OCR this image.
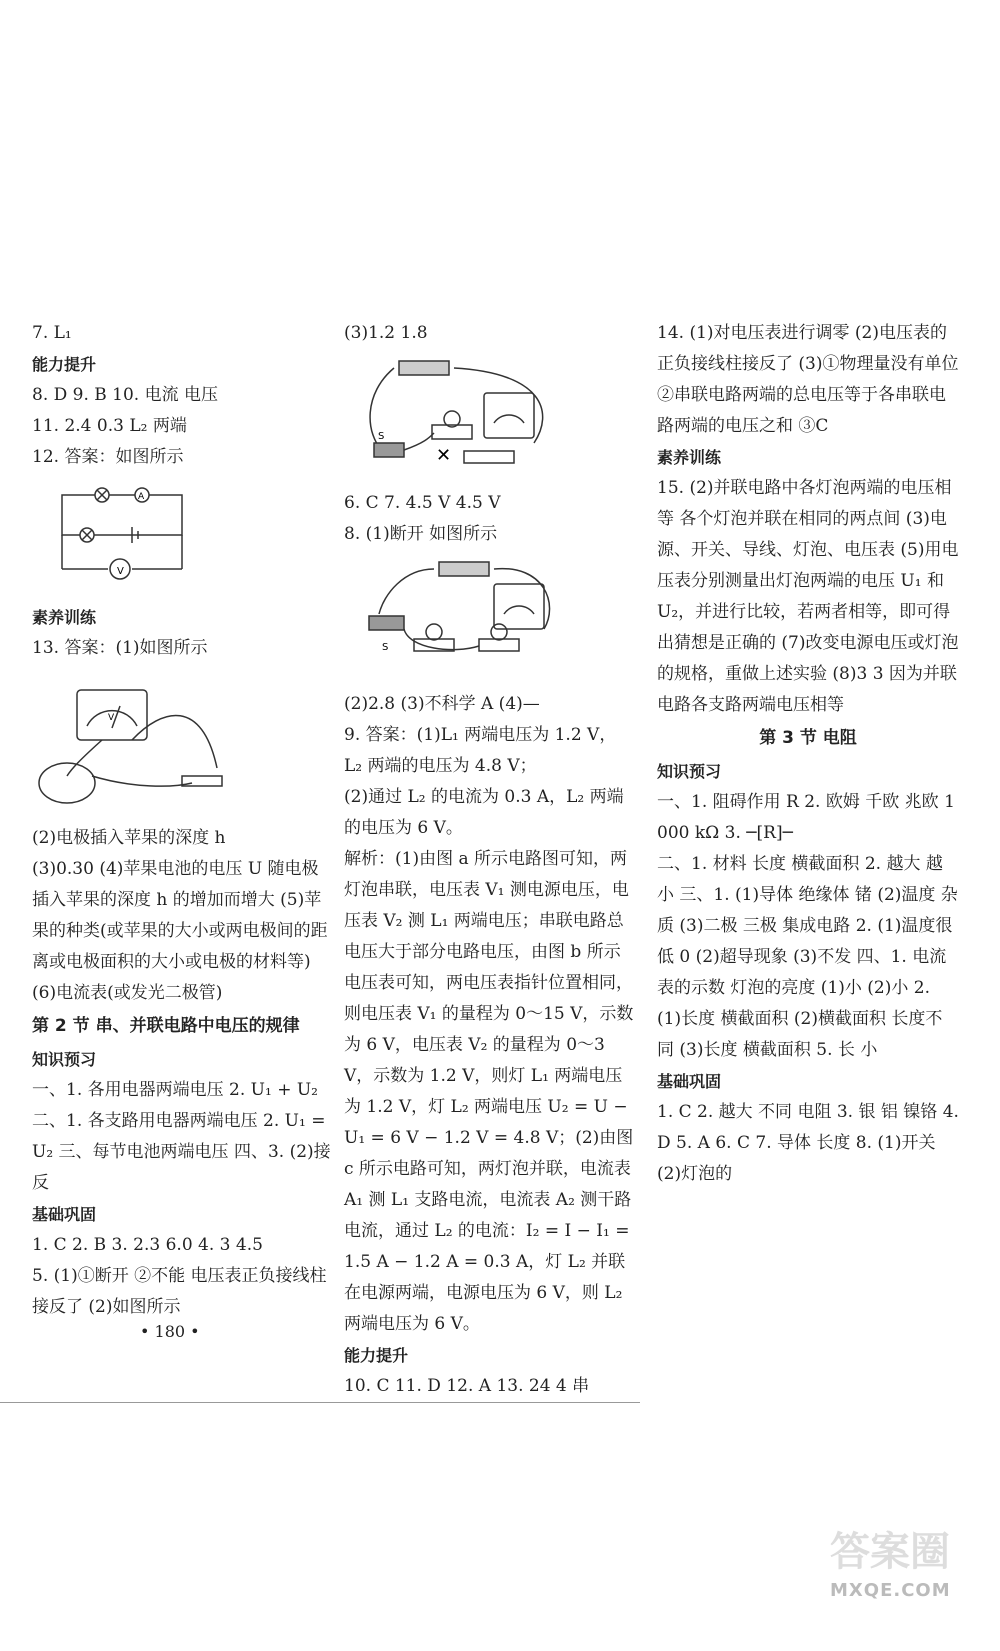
7. L₁

能力提升

8. D 9. B 10. 电流 电压

11. 2.4 0.3 L₂ 两端

12. 答案：如图所示

V
A

素养训练

13. 答案：(1)如图所示

V

(2)电极插入苹果的深度 h

(3)0.30 (4)苹果电池的电压 U 随电极插入苹果的深度 h 的增加而增大 (5)苹果的种类(或苹果的大小或两电极间的距离或电极面积的大小或电极的材料等) (6)电流表(或发光二极管)

第 2 节 串、并联电路中电压的规律

知识预习

一、1. 各用电器两端电压 2. U₁ + U₂ 二、1. 各支路用电器两端电压 2. U₁ = U₂ 三、每节电池两端电压 四、3. (2)接反

基础巩固

1. C 2. B 3. 2.3 6.0 4. 3 4.5

5. (1)①断开 ②不能 电压表正负接线柱接反了 (2)如图所示

(3)1.2 1.8

S
✕

6. C 7. 4.5 V 4.5 V

8. (1)断开 如图所示

S

(2)2.8 (3)不科学 A (4)—

9. 答案：(1)L₁ 两端电压为 1.2 V，L₂ 两端的电压为 4.8 V；

(2)通过 L₂ 的电流为 0.3 A，L₂ 两端的电压为 6 V。

解析：(1)由图 a 所示电路图可知，两灯泡串联，电压表 V₁ 测电源电压，电压表 V₂ 测 L₁ 两端电压；串联电路总电压大于部分电路电压，由图 b 所示电压表可知，两电压表指针位置相同，则电压表 V₁ 的量程为 0～15 V，示数为 6 V，电压表 V₂ 的量程为 0～3 V，示数为 1.2 V，则灯 L₁ 两端电压为 1.2 V，灯 L₂ 两端电压 U₂ = U − U₁ = 6 V − 1.2 V = 4.8 V；(2)由图 c 所示电路可知，两灯泡并联，电流表 A₁ 测 L₁ 支路电流，电流表 A₂ 测干路电流，通过 L₂ 的电流：I₂ = I − I₁ = 1.5 A − 1.2 A = 0.3 A，灯 L₂ 并联在电源两端，电源电压为 6 V，则 L₂ 两端电压为 6 V。

能力提升

10. C 11. D 12. A 13. 24 4 串

14. (1)对电压表进行调零 (2)电压表的正负接线柱接反了 (3)①物理量没有单位 ②串联电路两端的总电压等于各串联电路两端的电压之和 ③C

素养训练

15. (2)并联电路中各灯泡两端的电压相等 各个灯泡并联在相同的两点间 (3)电源、开关、导线、灯泡、电压表 (5)用电压表分别测量出灯泡两端的电压 U₁ 和 U₂，并进行比较，若两者相等，即可得出猜想是正确的 (7)改变电源电压或灯泡的规格，重做上述实验 (8)3 3 因为并联电路各支路两端电压相等

第 3 节 电阻

知识预习

一、1. 阻碍作用 R 2. 欧姆 千欧 兆欧 1 000 kΩ 3. ─[R]─

二、1. 材料 长度 横截面积 2. 越大 越小 三、1. (1)导体 绝缘体 锗 (2)温度 杂质 (3)二极 三极 集成电路 2. (1)温度很低 0 (2)超导现象 (3)不发 四、1. 电流表的示数 灯泡的亮度 (1)小 (2)小 2. (1)长度 横截面积 (2)横截面积 长度不同 (3)长度 横截面积 5. 长 小

基础巩固

1. C 2. 越大 不同 电阻 3. 银 铝 镍铬 4. D 5. A 6. C 7. 导体 长度 8. (1)开关 (2)灯泡的

• 180 •
答案圈
MXQE.COM
